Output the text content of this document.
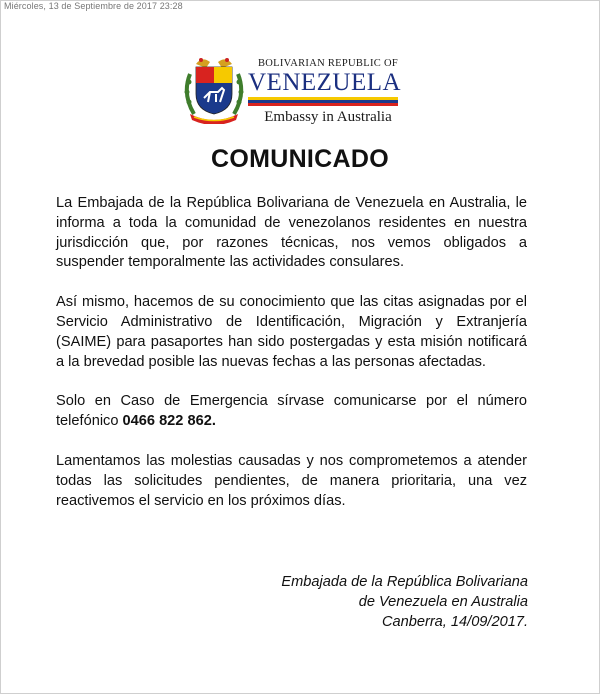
Miércoles, 13 de Septiembre de 2017 23:28
BOLIVARIAN REPUBLIC OF
VENEZUELA
Embassy in Australia
COMUNICADO

La Embajada de la República Bolivariana de Venezuela en Australia, le informa a toda la comunidad de venezolanos residentes en nuestra jurisdicción que, por razones técnicas, nos vemos obligados a suspender temporalmente las actividades consulares.

Así mismo, hacemos de su conocimiento que las citas asignadas por el Servicio Administrativo de Identificación, Migración y Extranjería (SAIME) para pasaportes han sido postergadas y esta misión notificará a la brevedad posible las nuevas fechas a las personas afectadas.

Solo en Caso de Emergencia sírvase comunicarse por el número telefónico 0466 822 862.

Lamentamos las molestias causadas y nos comprometemos a atender todas las solicitudes pendientes, de manera prioritaria, una vez reactivemos el servicio en los próximos días.

Embajada de la República Bolivariana
de Venezuela en Australia
Canberra, 14/09/2017.
